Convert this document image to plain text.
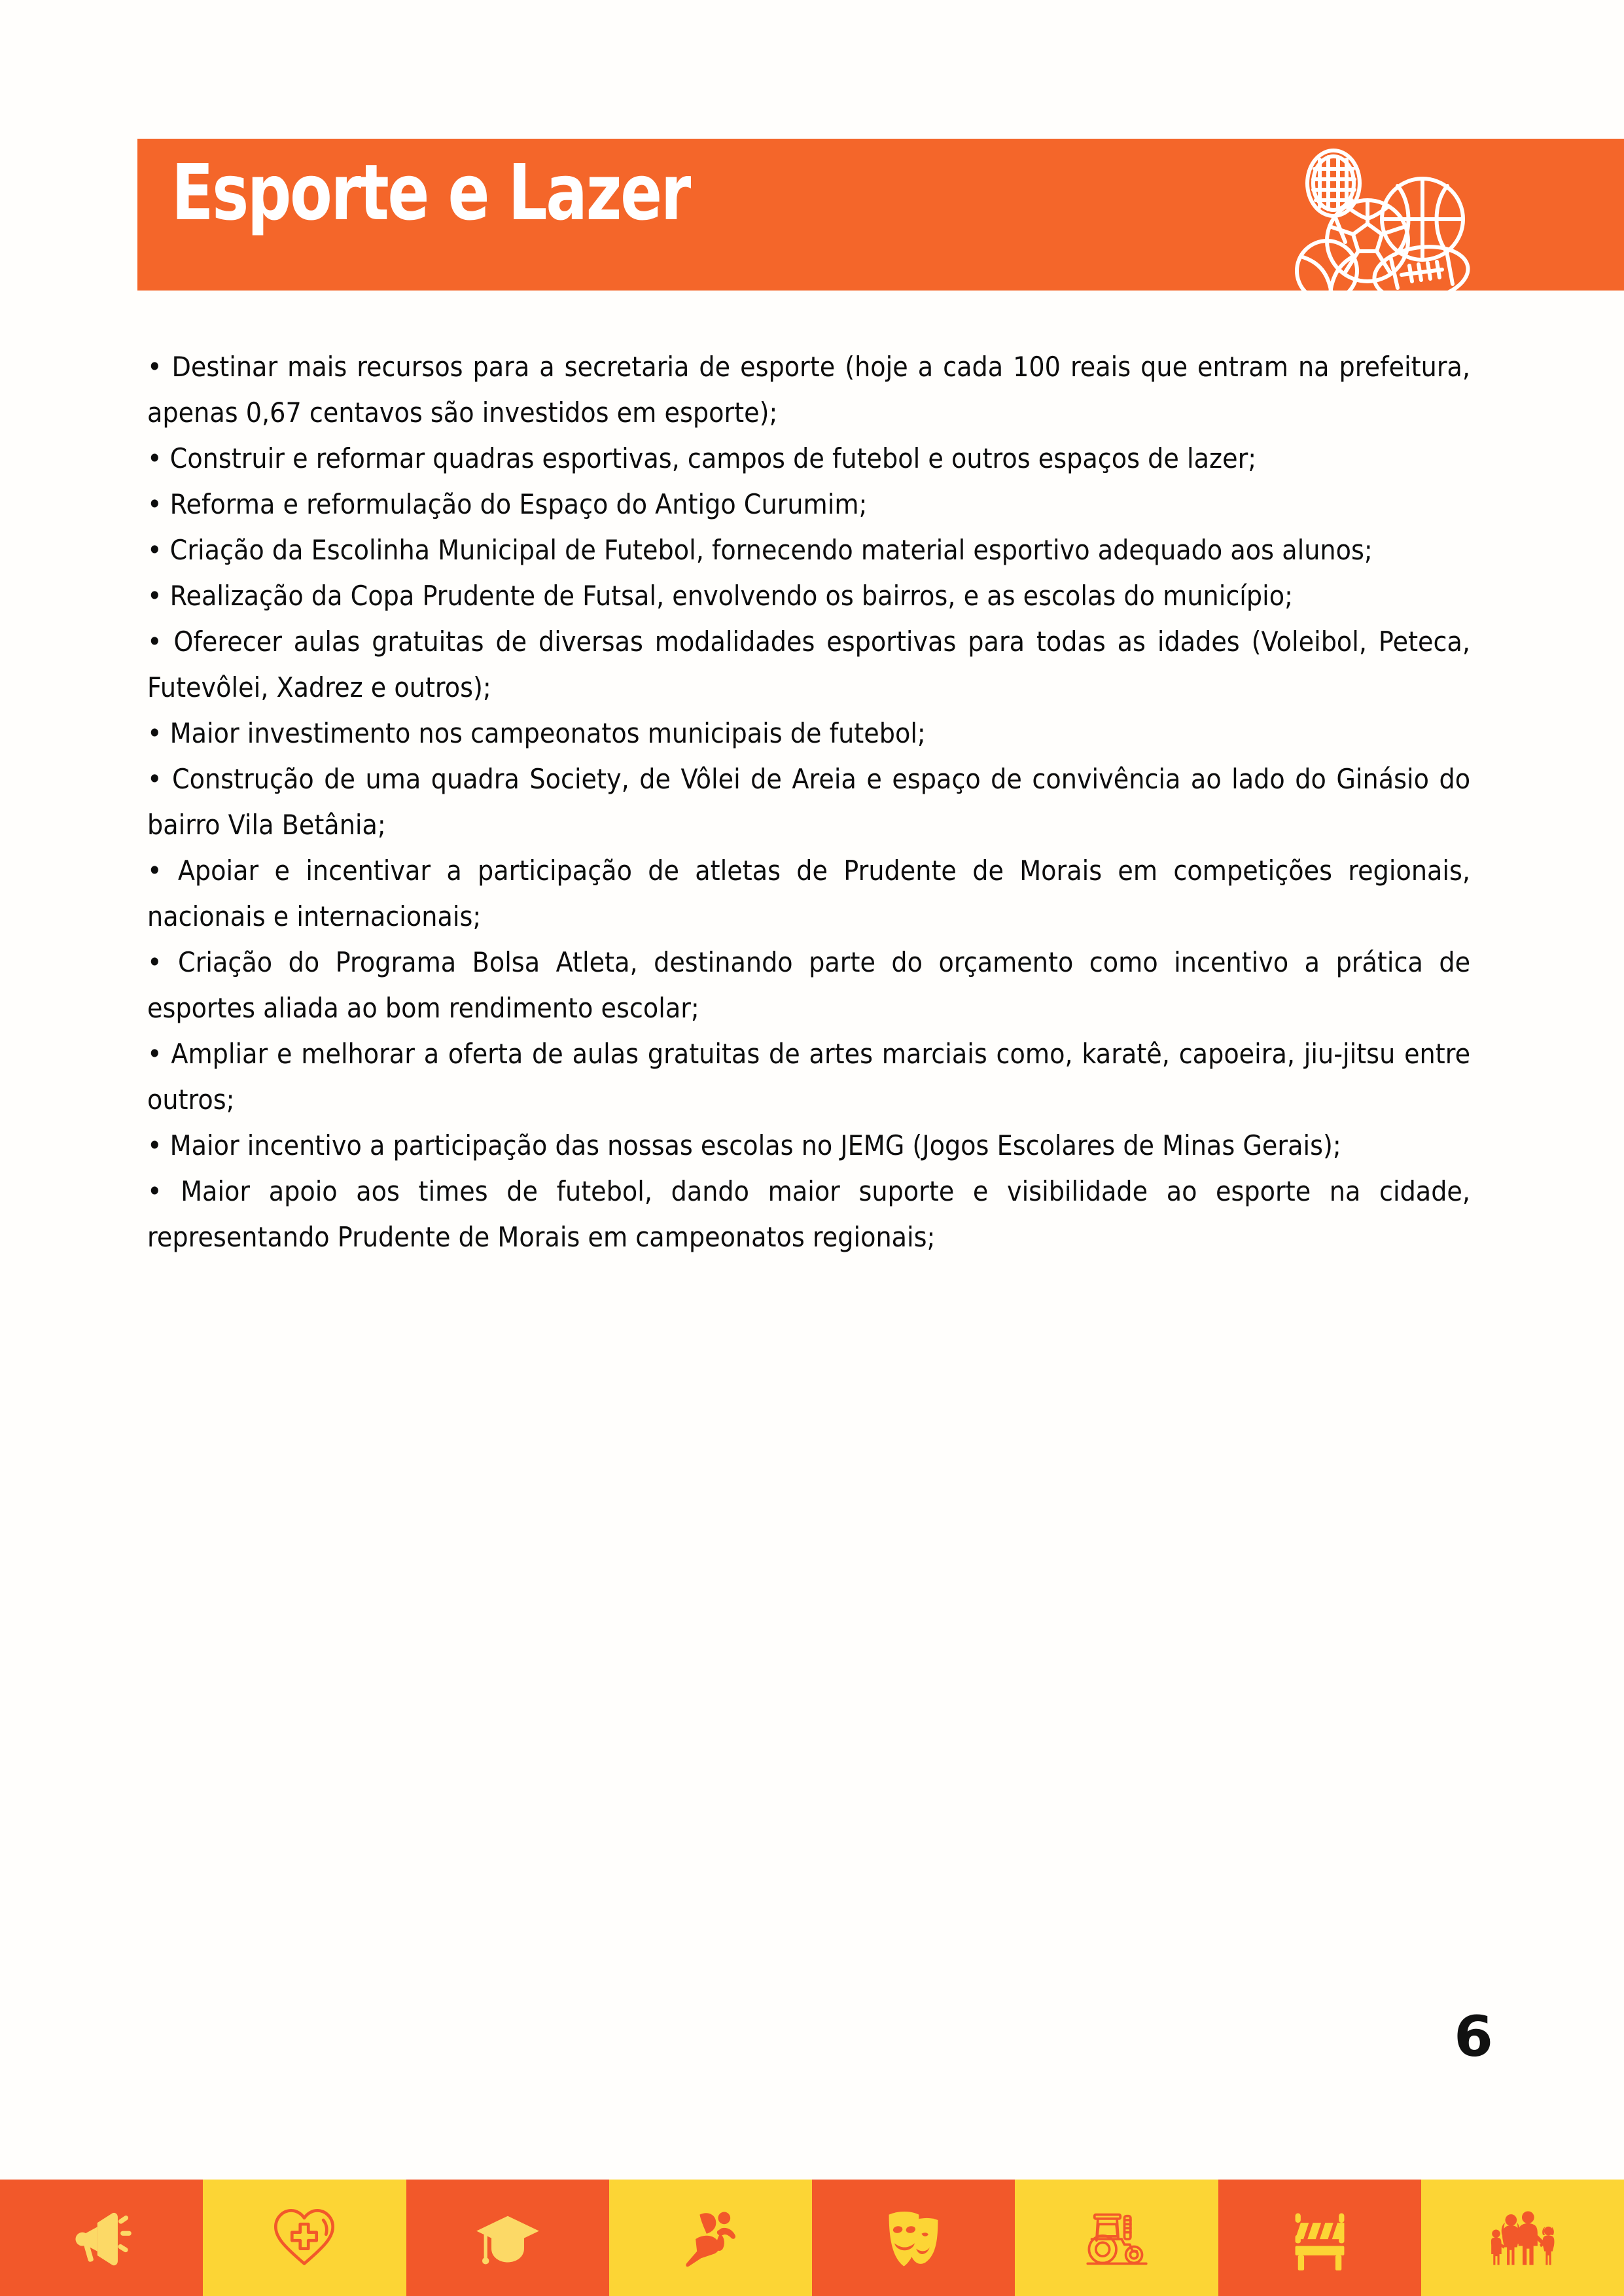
Esporte e Lazer

• Destinar mais recursos para a secretaria de esporte (hoje a cada 100 reais que entram na prefeitura, apenas 0,67 centavos são investidos em esporte);

• Construir e reformar quadras esportivas, campos de futebol e outros espaços de lazer;

• Reforma e reformulação do Espaço do Antigo Curumim;

• Criação da Escolinha Municipal de Futebol, fornecendo material esportivo adequado aos alunos;

• Realização da Copa Prudente de Futsal, envolvendo os bairros, e as escolas do município;

• Oferecer aulas gratuitas de diversas modalidades esportivas para todas as idades (Voleibol, Peteca, Futevôlei, Xadrez e outros);

• Maior investimento nos campeonatos municipais de futebol;

• Construção de uma quadra Society, de Vôlei de Areia e espaço de convivência ao lado do Ginásio do bairro Vila Betânia;

• Apoiar e incentivar a participação de atletas de Prudente de Morais em competições regionais, nacionais e internacionais;

• Criação do Programa Bolsa Atleta, destinando parte do orçamento como incentivo a prática de esportes aliada ao bom rendimento escolar;

• Ampliar e melhorar a oferta de aulas gratuitas de artes marciais como, karatê, capoeira, jiu-jitsu entre outros;

• Maior incentivo a participação das nossas escolas no JEMG (Jogos Escolares de Minas Gerais);

• Maior apoio aos times de futebol, dando maior suporte e visibilidade ao esporte na cidade, representando Prudente de Morais em campeonatos regionais;

6
